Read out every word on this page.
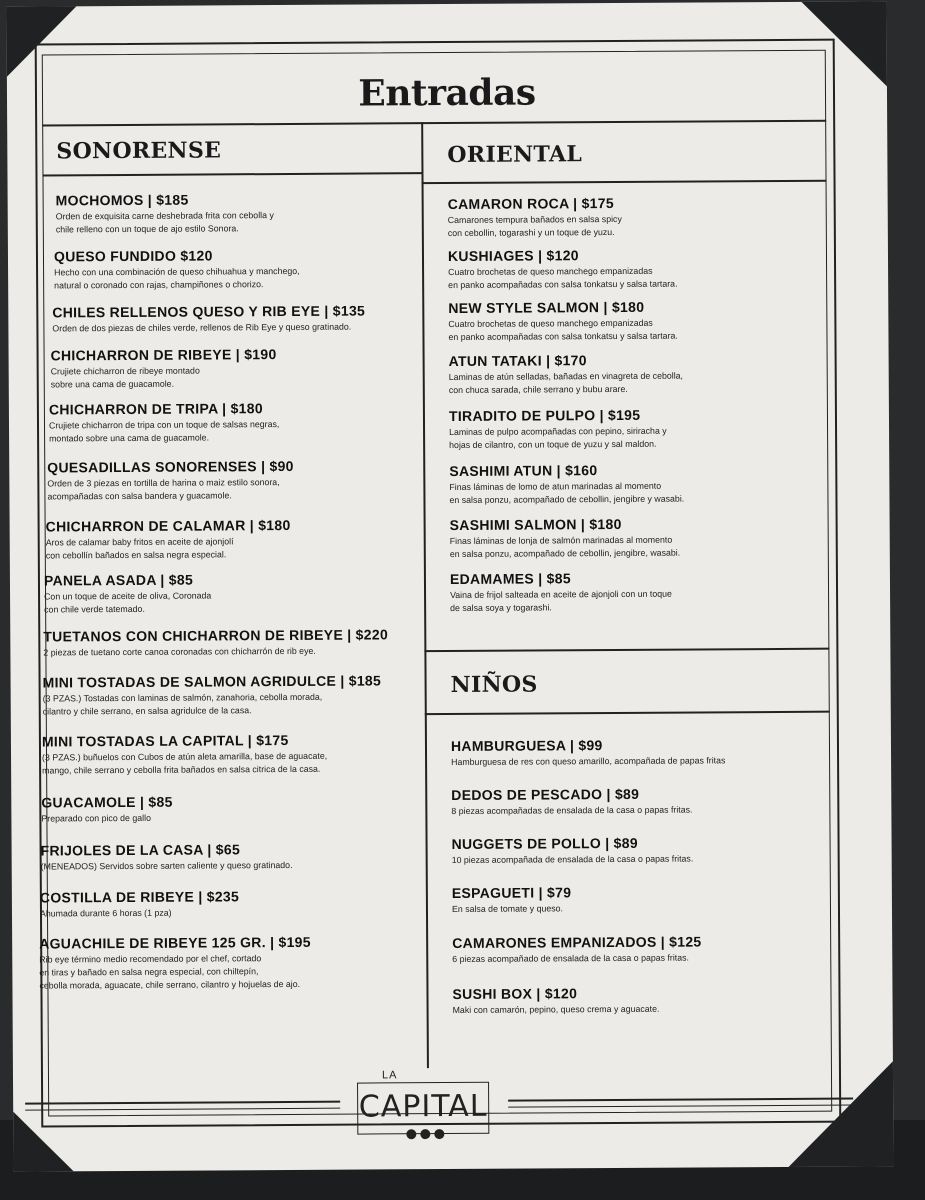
Entradas
SONORENSE	ORIENTAL
NIÑOS
MOCHOMOS | $185
Orden de exquisita carne deshebrada frita con cebolla y
chile relleno con un toque de ajo estilo Sonora.
QUESO FUNDIDO $120
Hecho con una combinación de queso chihuahua y manchego,
natural o coronado con rajas, champiñones o chorizo.
CHILES RELLENOS QUESO Y RIB EYE | $135
Orden de dos piezas de chiles verde, rellenos de Rib Eye y queso gratinado.
CHICHARRON DE RIBEYE | $190
Crujiete chicharron de ribeye montado
sobre una cama de guacamole.
CHICHARRON DE TRIPA | $180
Crujiete chicharron de tripa con un toque de salsas negras,
montado sobre una cama de guacamole.
QUESADILLAS SONORENSES | $90
Orden de 3 piezas en tortilla de harina o maiz estilo sonora,
acompañadas con salsa bandera y guacamole.
CHICHARRON DE CALAMAR | $180
Aros de calamar baby fritos en aceite de ajonjolí
con cebollín bañados en salsa negra especial.
PANELA ASADA | $85
Con un toque de aceite de oliva, Coronada
con chile verde tatemado.
TUETANOS CON CHICHARRON DE RIBEYE | $220
2 piezas de tuetano corte canoa coronadas con chicharrón de rib eye.
MINI TOSTADAS DE SALMON AGRIDULCE | $185
(3 PZAS.) Tostadas con laminas de salmón, zanahoria, cebolla morada,
cilantro y chile serrano, en salsa agridulce de la casa.
MINI TOSTADAS LA CAPITAL | $175
(3 PZAS.) buñuelos con Cubos de atún aleta amarilla, base de aguacate,
mango, chile serrano y cebolla frita bañados en salsa citrica de la casa.
GUACAMOLE | $85
Preparado con pico de gallo
FRIJOLES DE LA CASA | $65
(MENEADOS) Servidos sobre sarten caliente y queso gratinado.
COSTILLA DE RIBEYE | $235
Ahumada durante 6 horas (1 pza)
AGUACHILE DE RIBEYE 125 GR. | $195
Rib eye término medio recomendado por el chef, cortado
en tiras y bañado en salsa negra especial, con chiltepín,
cebolla morada, aguacate, chile serrano, cilantro y hojuelas de ajo.
CAMARON ROCA | $175
Camarones tempura bañados en salsa spicy
con cebollin, togarashi y un toque de yuzu.
KUSHIAGES | $120
Cuatro brochetas de queso manchego empanizadas
en panko acompañadas con salsa tonkatsu y salsa tartara.
NEW STYLE SALMON | $180
Cuatro brochetas de queso manchego empanizadas
en panko acompañadas con salsa tonkatsu y salsa tartara.
ATUN TATAKI | $170
Laminas de atún selladas, bañadas en vinagreta de cebolla,
con chuca sarada, chile serrano y bubu arare.
TIRADITO DE PULPO | $195
Laminas de pulpo acompañadas con pepino, sirirachа y
hojas de cilantro, con un toque de yuzu y sal maldon.
SASHIMI ATUN | $160
Finas láminas de lomo de atun marinadas al momento
en salsa ponzu, acompañado de cebollin, jengibre y wasabi.
SASHIMI SALMON | $180
Finas láminas de lonja de salmón marinadas al momento
en salsa ponzu, acompañado de cebollin, jengibre, wasabi.
EDAMAMES | $85
Vaina de frijol salteada en aceite de ajonjoli con un toque
de salsa soya y togarashi.
HAMBURGUESA | $99
Hamburguesa de res con queso amarillo, acompañada de papas fritas
DEDOS DE PESCADO | $89
8 piezas acompañadas de ensalada de la casa o papas fritas.
NUGGETS DE POLLO | $89
10 piezas acompañada de ensalada de la casa o papas fritas.
ESPAGUETI | $79
En salsa de tomate y queso.
CAMARONES EMPANIZADOS | $125
6 piezas acompañado de ensalada de la casa o papas fritas.
SUSHI BOX | $120
Maki con camarón, pepino, queso crema y aguacate.
LA
CAPITAL
